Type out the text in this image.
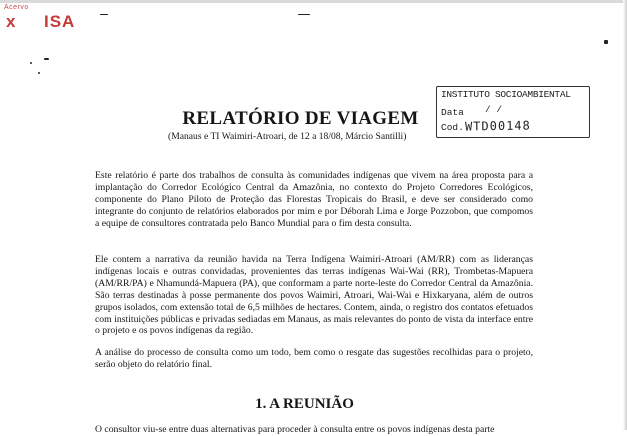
Acervo
x ISA
INSTITUTO SOCIOAMBIENTAL
Data / /
Cod. WTD00148
RELATÓRIO DE VIAGEM
(Manaus e TI Waimiri-Atroari, de 12 a 18/08, Márcio Santilli)

Este relatório é parte dos trabalhos de consulta às comunidades indígenas que vivem na área proposta para a implantação do Corredor Ecológico Central da Amazônia, no contexto do Projeto Corredores Ecológicos, componente do Plano Piloto de Proteção das Florestas Tropicais do Brasil, e deve ser considerado como integrante do conjunto de relatórios elaborados por mim e por Déborah Lima e Jorge Pozzobon, que compomos a equipe de consultores contratada pelo Banco Mundial para o fim desta consulta.

Ele contem a narrativa da reunião havida na Terra Indígena Waimiri-Atroari (AM/RR) com as lideranças indígenas locais e outras convidadas, provenientes das terras indígenas Wai-Wai (RR), Trombetas-Mapuera (AM/RR/PA) e Nhamundá-Mapuera (PA), que conformam a parte norte-leste do Corredor Central da Amazônia. São terras destinadas à posse permanente dos povos Waimiri, Atroari, Wai-Wai e Hixkaryana, além de outros grupos isolados, com extensão total de 6,5 milhões de hectares. Contem, ainda, o registro dos contatos efetuados com instituições públicas e privadas sediadas em Manaus, as mais relevantes do ponto de vista da interface entre o projeto e os povos indígenas da região.

A análise do processo de consulta como um todo, bem como o resgate das sugestões recolhidas para o projeto, serão objeto do relatório final.

1. A REUNIÃO
O consultor viu-se entre duas alternativas para proceder à consulta entre os povos indígenas desta parte
